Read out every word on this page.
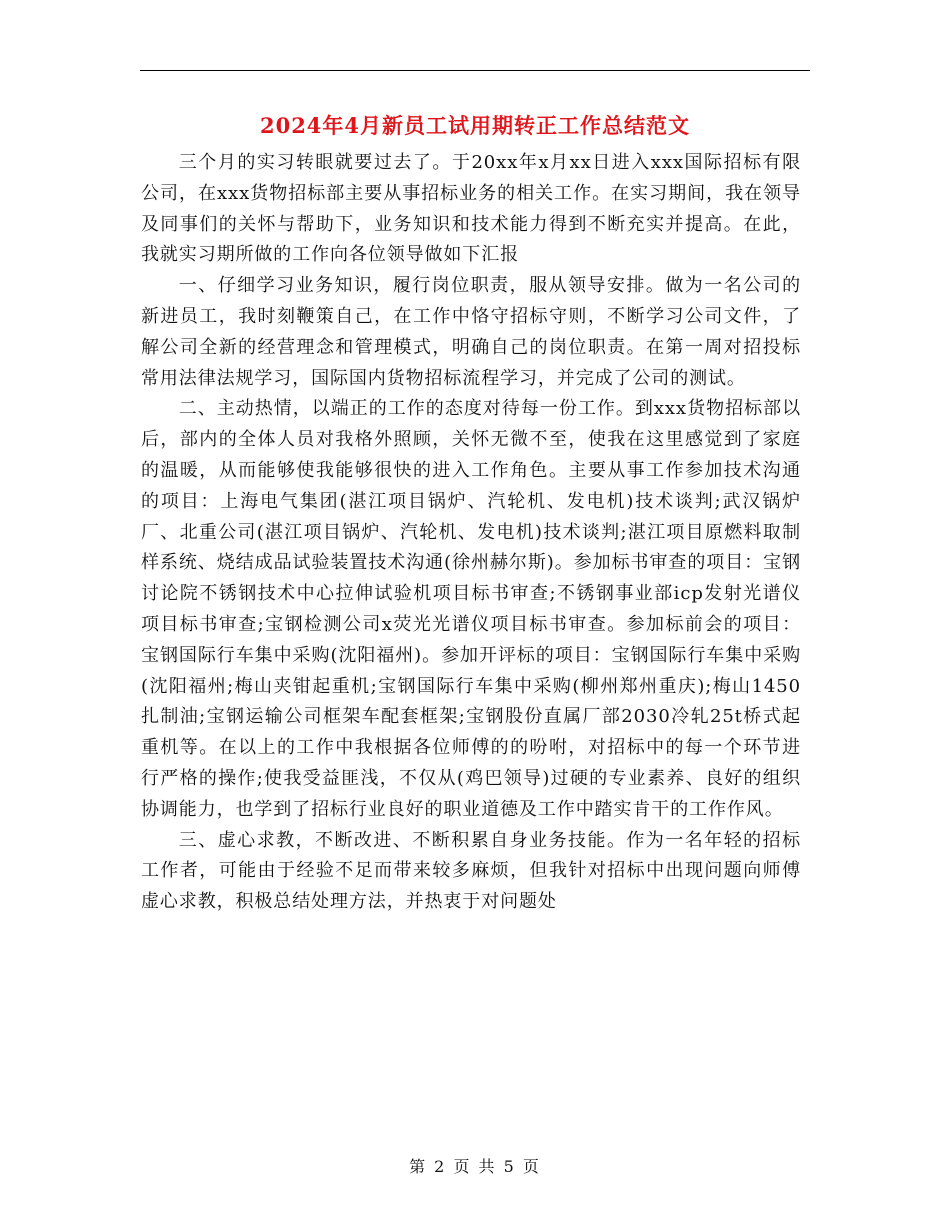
2024年4月新员工试用期转正工作总结范文

三个月的实习转眼就要过去了。于20xx年x月xx日进入xxx国际招标有限公司，在xxx货物招标部主要从事招标业务的相关工作。在实习期间，我在领导及同事们的关怀与帮助下，业务知识和技术能力得到不断充实并提高。在此，我就实习期所做的工作向各位领导做如下汇报

一、仔细学习业务知识，履行岗位职责，服从领导安排。做为一名公司的新进员工，我时刻鞭策自己，在工作中恪守招标守则，不断学习公司文件，了解公司全新的经营理念和管理模式，明确自己的岗位职责。在第一周对招投标常用法律法规学习，国际国内货物招标流程学习，并完成了公司的测试。

二、主动热情，以端正的工作的态度对待每一份工作。到xxx货物招标部以后，部内的全体人员对我格外照顾，关怀无微不至，使我在这里感觉到了家庭的温暖，从而能够使我能够很快的进入工作角色。主要从事工作参加技术沟通的项目：上海电气集团(湛江项目锅炉、汽轮机、发电机)技术谈判;武汉锅炉厂、北重公司(湛江项目锅炉、汽轮机、发电机)技术谈判;湛江项目原燃料取制样系统、烧结成品试验装置技术沟通(徐州赫尔斯)。参加标书审查的项目：宝钢讨论院不锈钢技术中心拉伸试验机项目标书审查;不锈钢事业部icp发射光谱仪项目标书审查;宝钢检测公司x荧光光谱仪项目标书审查。参加标前会的项目：宝钢国际行车集中采购(沈阳福州)。参加开评标的项目：宝钢国际行车集中采购(沈阳福州;梅山夹钳起重机;宝钢国际行车集中采购(柳州郑州重庆);梅山1450扎制油;宝钢运输公司框架车配套框架;宝钢股份直属厂部2030冷轧25t桥式起重机等。在以上的工作中我根据各位师傅的的吩咐，对招标中的每一个环节进行严格的操作;使我受益匪浅，不仅从(鸡巴领导)过硬的专业素养、良好的组织协调能力，也学到了招标行业良好的职业道德及工作中踏实肯干的工作作风。

三、虚心求教，不断改进、不断积累自身业务技能。作为一名年轻的招标工作者，可能由于经验不足而带来较多麻烦，但我针对招标中出现问题向师傅虚心求教，积极总结处理方法，并热衷于对问题处

第 2 页 共 5 页
